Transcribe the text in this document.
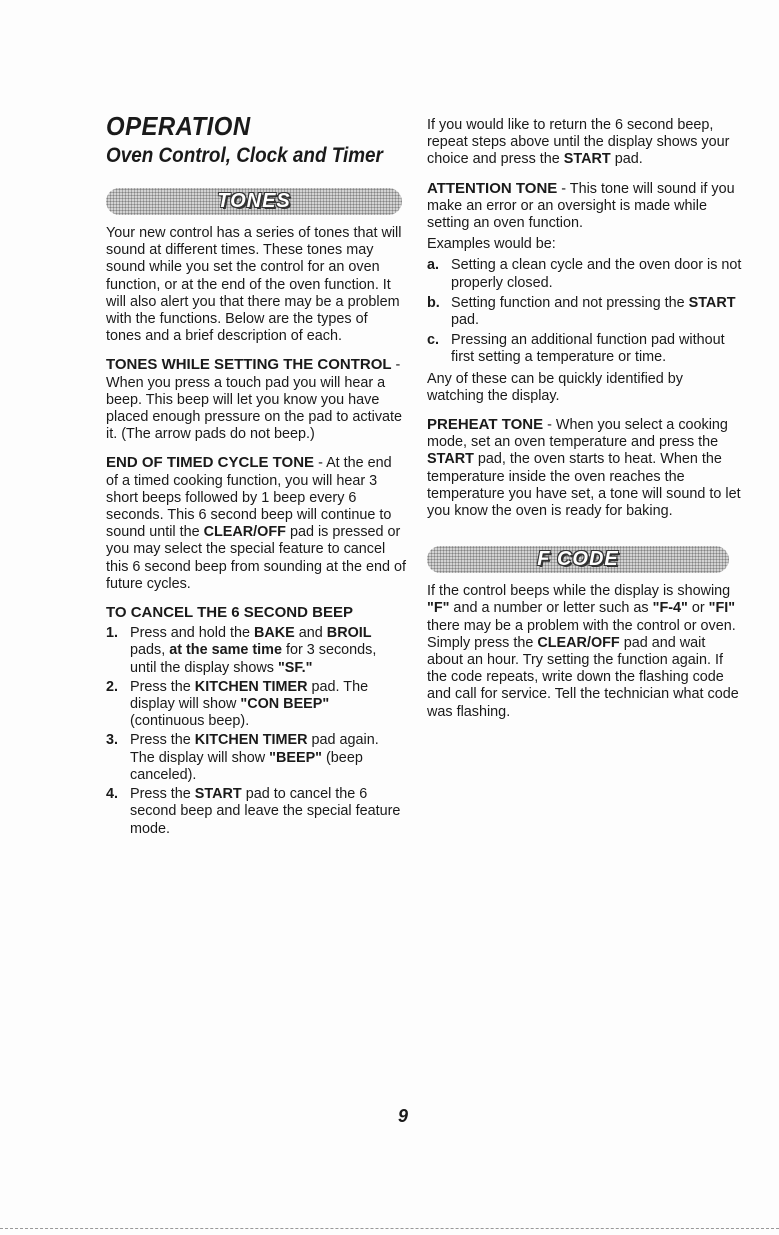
OPERATION
Oven Control, Clock and Timer
TONES

Your new control has a series of tones that will sound at different times. These tones may sound while you set the control for an oven function, or at the end of the oven function. It will also alert you that there may be a problem with the functions. Below are the types of tones and a brief description of each.

TONES WHILE SETTING THE CONTROL - When you press a touch pad you will hear a beep. This beep will let you know you have placed enough pressure on the pad to activate it. (The arrow pads do not beep.)

END OF TIMED CYCLE TONE - At the end of a timed cooking function, you will hear 3 short beeps followed by 1 beep every 6 seconds. This 6 second beep will continue to sound until the CLEAR/OFF pad is pressed or you may select the special feature to cancel this 6 second beep from sounding at the end of future cycles.

TO CANCEL THE 6 SECOND BEEP
1. Press and hold the BAKE and BROIL pads, at the same time for 3 seconds, until the display shows "SF."
2. Press the KITCHEN TIMER pad. The display will show "CON BEEP" (continuous beep).
3. Press the KITCHEN TIMER pad again. The display will show "BEEP" (beep canceled).
4. Press the START pad to cancel the 6 second beep and leave the special feature mode.

If you would like to return the 6 second beep, repeat steps above until the display shows your choice and press the START pad.

ATTENTION TONE - This tone will sound if you make an error or an oversight is made while setting an oven function.

Examples would be:
a. Setting a clean cycle and the oven door is not properly closed.
b. Setting function and not pressing the START pad.
c. Pressing an additional function pad without first setting a temperature or time.

Any of these can be quickly identified by watching the display.

PREHEAT TONE - When you select a cooking mode, set an oven temperature and press the START pad, the oven starts to heat. When the temperature inside the oven reaches the temperature you have set, a tone will sound to let you know the oven is ready for baking.

F CODE

If the control beeps while the display is showing "F" and a number or letter such as "F-4" or "FI" there may be a problem with the control or oven. Simply press the CLEAR/OFF pad and wait about an hour. Try setting the function again. If the code repeats, write down the flashing code and call for service. Tell the technician what code was flashing.

9
